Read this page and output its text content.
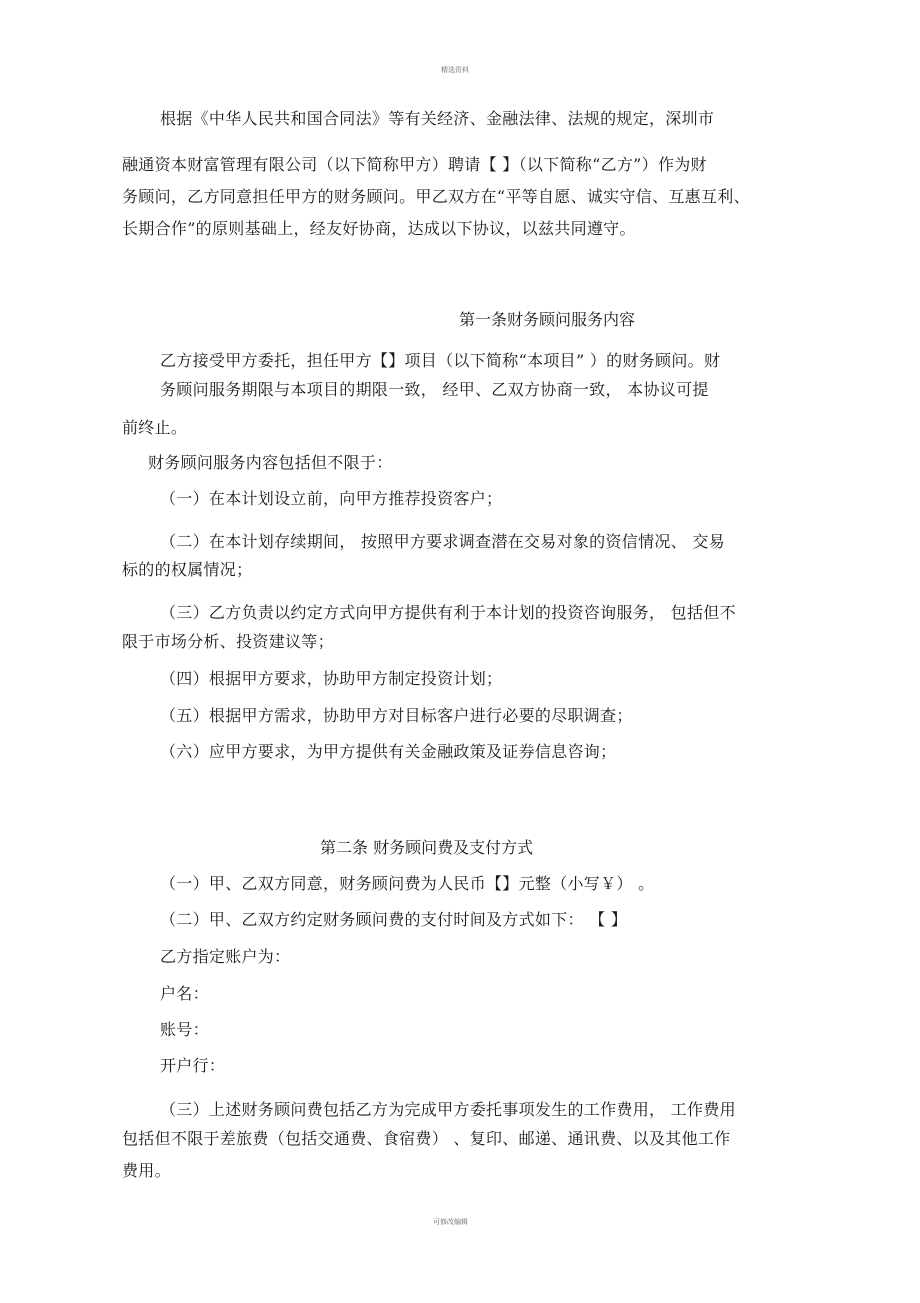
精选资料
根据《中华人民共和国合同法》等有关经济、金融法律、法规的规定，深圳市
融通资本财富管理有限公司（以下简称甲方）聘请【 】（以下简称“乙方”）作为财
务顾问，乙方同意担任甲方的财务顾问。甲乙双方在“平等自愿、诚实守信、互惠互利、
长期合作”的原则基础上，经友好协商，达成以下协议，以兹共同遵守。
第一条财务顾问服务内容
乙方接受甲方委托，担任甲方【】项目（以下简称“本项目” ）的财务顾问。财
务顾问服务期限与本项目的期限一致， 经甲、乙双方协商一致， 本协议可提
前终止。
财务顾问服务内容包括但不限于：
（一）在本计划设立前，向甲方推荐投资客户；
（二）在本计划存续期间， 按照甲方要求调查潜在交易对象的资信情况、 交易
标的的权属情况；
（三）乙方负责以约定方式向甲方提供有利于本计划的投资咨询服务， 包括但不
限于市场分析、投资建议等；
（四）根据甲方要求，协助甲方制定投资计划；
（五）根据甲方需求，协助甲方对目标客户进行必要的尽职调查；
（六）应甲方要求，为甲方提供有关金融政策及证券信息咨询；
第二条 财务顾问费及支付方式
（一）甲、乙双方同意，财务顾问费为人民币【】元整（小写￥） 。
（二）甲、乙双方约定财务顾问费的支付时间及方式如下： 【 】
乙方指定账户为：
户名：
账号：
开户行：
（三）上述财务顾问费包括乙方为完成甲方委托事项发生的工作费用， 工作费用
包括但不限于差旅费（包括交通费、食宿费） 、复印、邮递、通讯费、以及其他工作
费用。
可修改编辑
